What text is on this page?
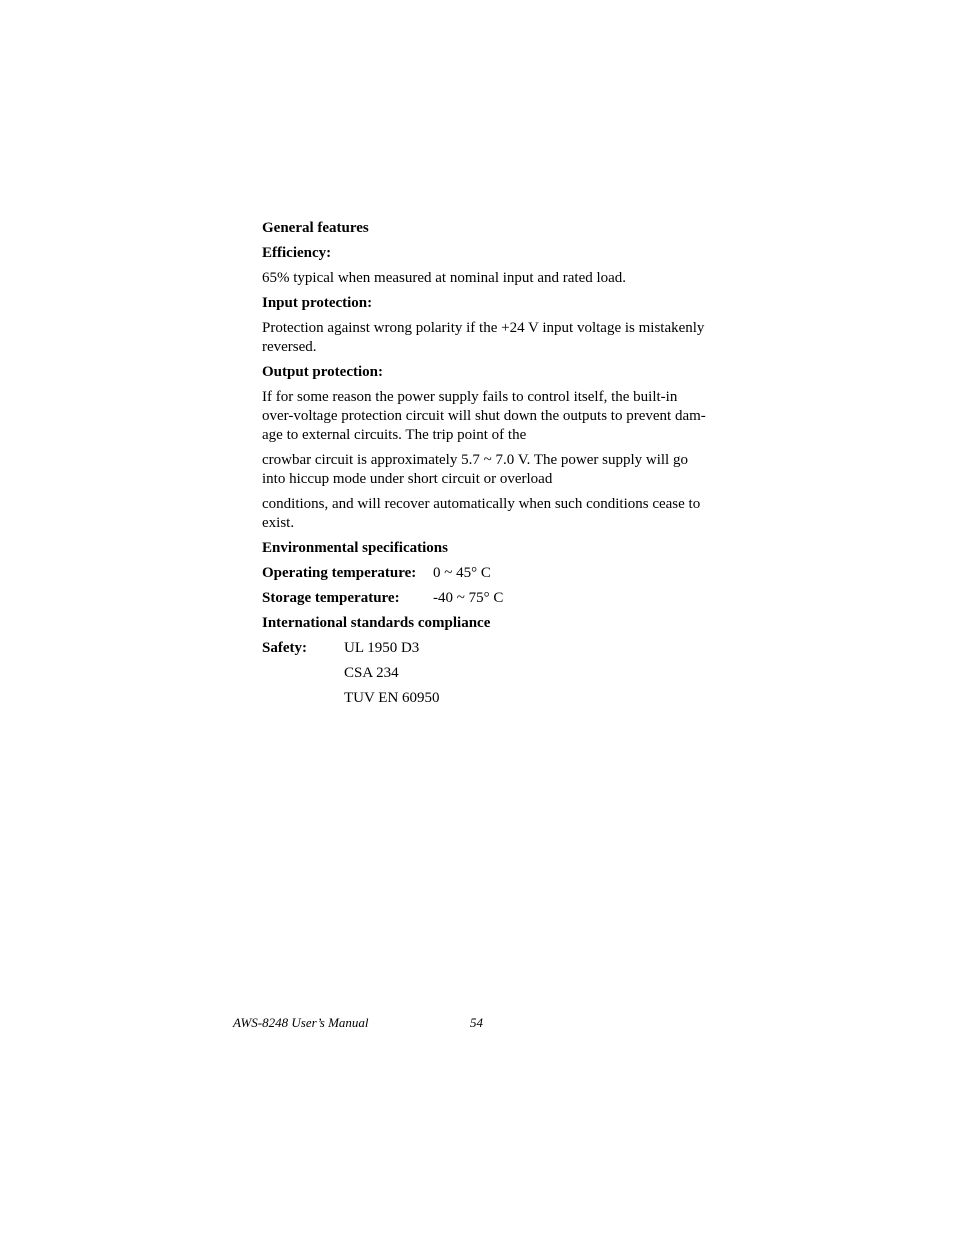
General features
Efficiency:
65% typical when measured at nominal input and rated load.
Input protection:
Protection against wrong polarity if the +24 V input voltage is mistakenly
reversed.
Output protection:
If for some reason the power supply fails to control itself, the built-in
over-voltage protection circuit will shut down the outputs to prevent dam-
age to external circuits. The trip point of the
crowbar circuit is approximately 5.7 ~ 7.0 V. The power supply will go
into hiccup mode under short circuit or overload
conditions, and will recover automatically when such conditions cease to
exist.
Environmental specifications
Operating temperature:	0 ~ 45° C
Storage temperature:	-40 ~ 75° C
International standards compliance
Safety:	UL 1950 D3
CSA 234
TUV EN 60950
AWS-8248 User’s Manual	54
